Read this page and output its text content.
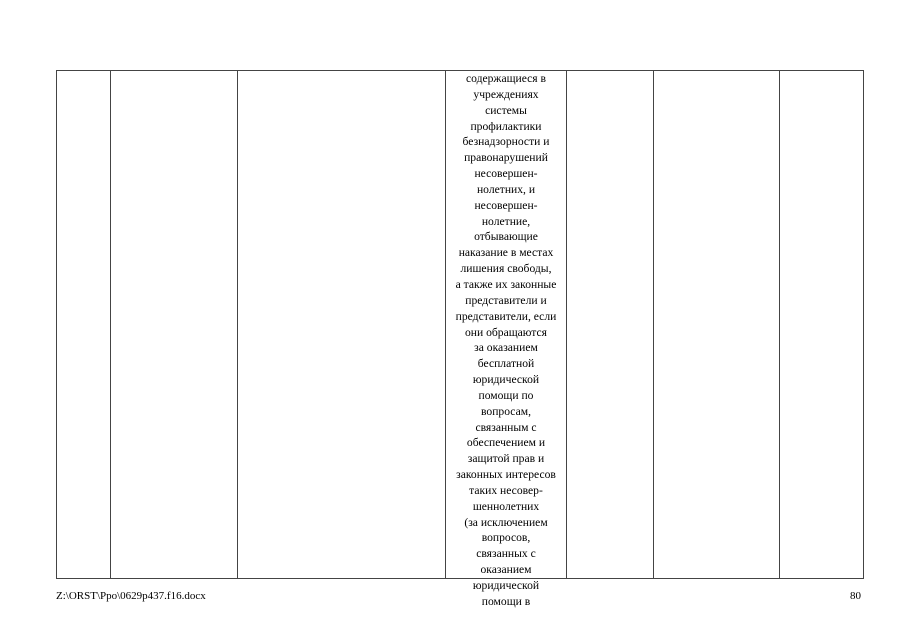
содержащиеся в
учреждениях
системы
профилактики
безнадзорности и
правонарушений
несовершен-
нолетних, и
несовершен-
нолетние,
отбывающие
наказание в местах
лишения свободы,
а также их законные
представители и
представители, если
они обращаются
за оказанием
бесплатной
юридической
помощи по
вопросам,
связанным с
обеспечением и
защитой прав и
законных интересов
таких несовер-
шеннолетних
(за исключением
вопросов,
связанных с
оказанием
юридической
помощи в

Z:\ORST\Ppo\0629p437.f16.docx	80
